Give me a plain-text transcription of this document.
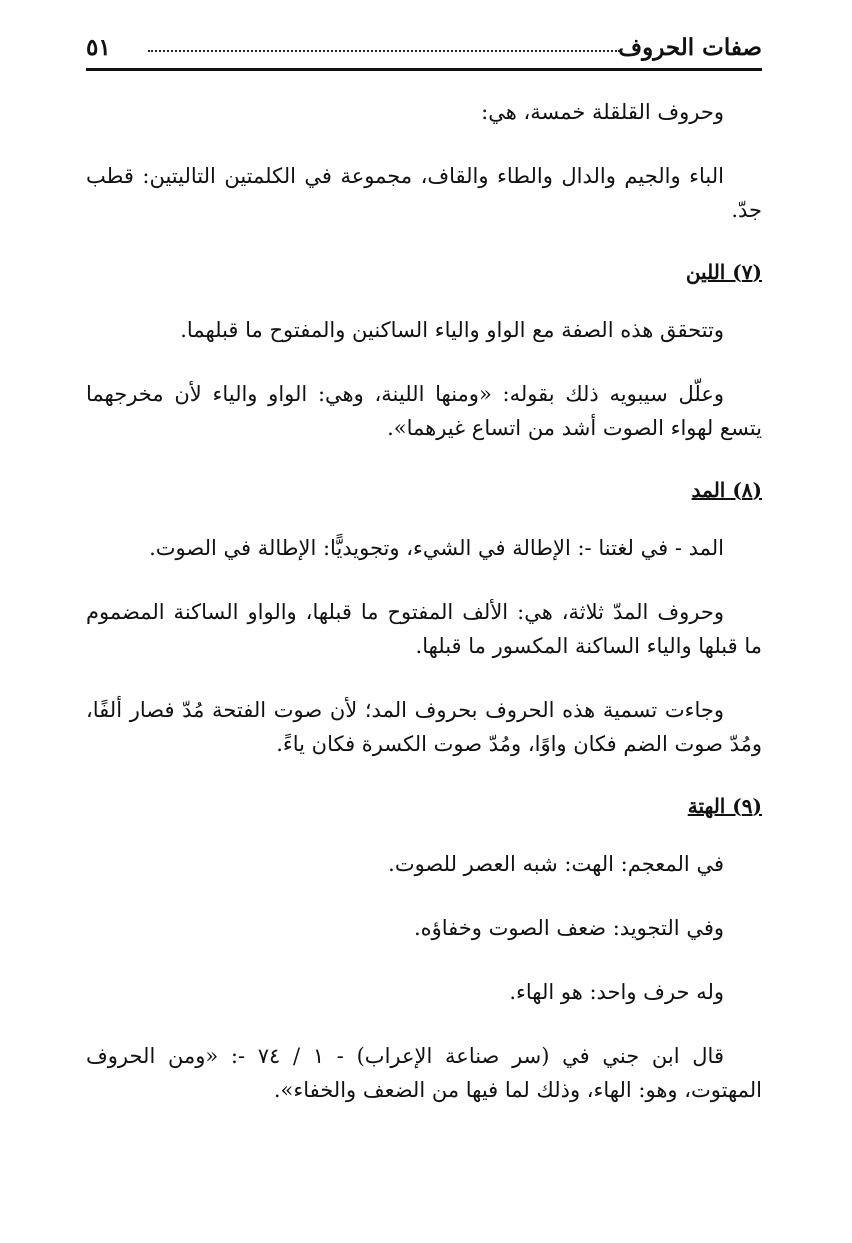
صفات الحروف
٥١

وحروف القلقلة خمسة، هي:

الباء والجيم والدال والطاء والقاف، مجموعة في الكلمتين التاليتين: قطب جدّ.

(٧) اللين

وتتحقق هذه الصفة مع الواو والياء الساكنين والمفتوح ما قبلهما.

وعلّل سيبويه ذلك بقوله: «ومنها اللينة، وهي: الواو والياء لأن مخرجهما يتسع لهواء الصوت أشد من اتساع غيرهما».

(٨) المد

المد - في لغتنا -: الإطالة في الشيء، وتجويديًّا: الإطالة في الصوت.

وحروف المدّ ثلاثة، هي: الألف المفتوح ما قبلها، والواو الساكنة المضموم ما قبلها والياء الساكنة المكسور ما قبلها.

وجاءت تسمية هذه الحروف بحروف المد؛ لأن صوت الفتحة مُدّ فصار ألفًا، ومُدّ صوت الضم فكان واوًا، ومُدّ صوت الكسرة فكان ياءً.

(٩) الهتة

في المعجم: الهت: شبه العصر للصوت.

وفي التجويد: ضعف الصوت وخفاؤه.

وله حرف واحد: هو الهاء.

قال ابن جني في (سر صناعة الإعراب) - ١ / ٧٤ -: «ومن الحروف المهتوت، وهو: الهاء، وذلك لما فيها من الضعف والخفاء».
